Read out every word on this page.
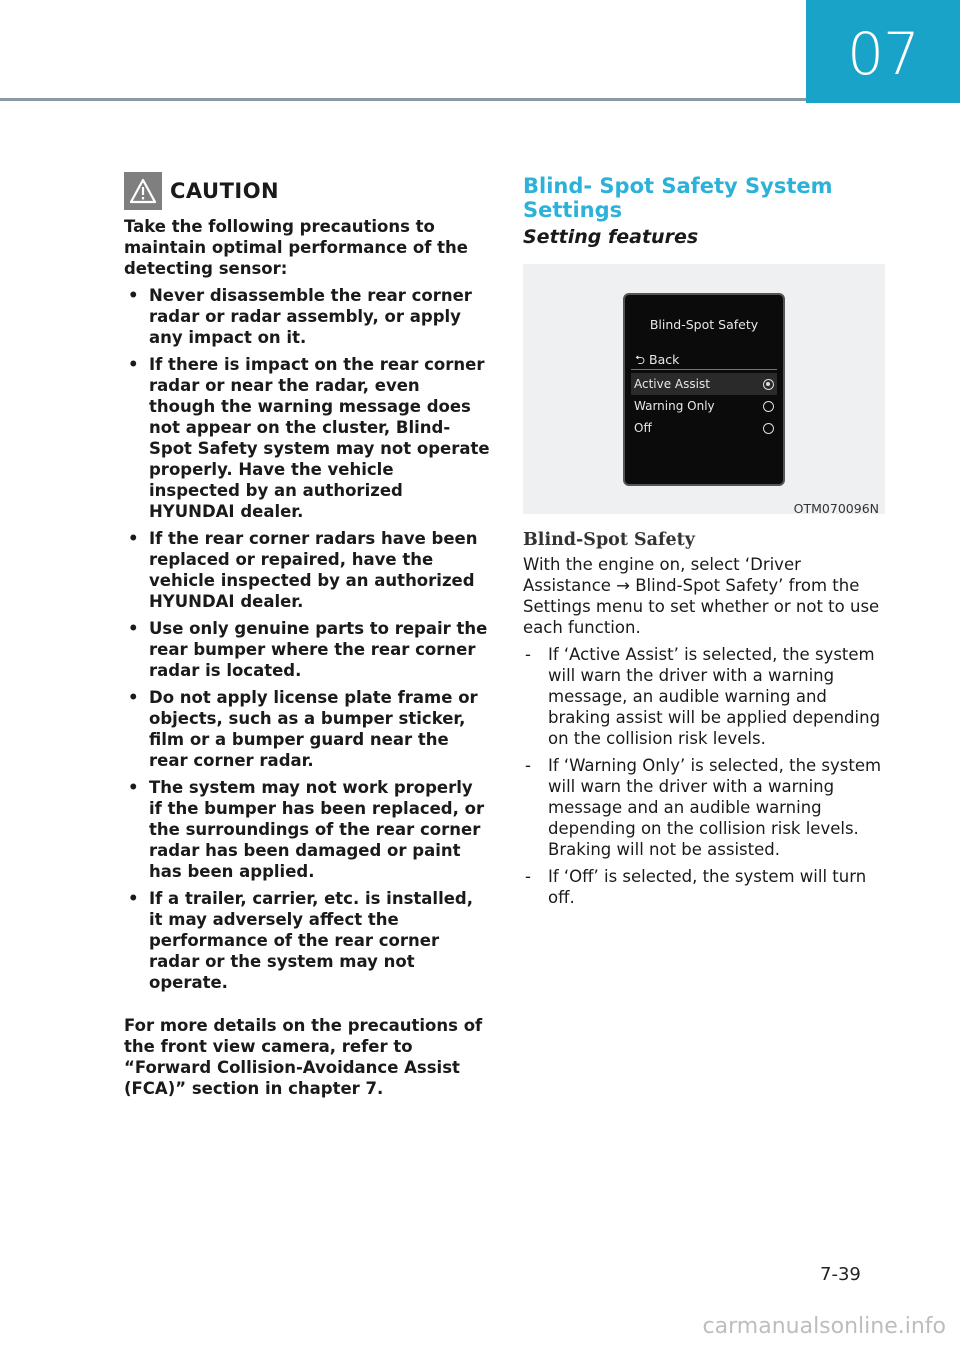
07
CAUTION

Take the following precautions to maintain optimal performance of the detecting sensor:

• Never disassemble the rear corner radar or radar assembly, or apply any impact on it.
• If there is impact on the rear corner radar or near the radar, even though the warning message does not appear on the cluster, Blind-Spot Safety system may not operate properly. Have the vehicle inspected by an authorized HYUNDAI dealer.
• If the rear corner radars have been replaced or repaired, have the vehicle inspected by an authorized HYUNDAI dealer.
• Use only genuine parts to repair the rear bumper where the rear corner radar is located.
• Do not apply license plate frame or objects, such as a bumper sticker, film or a bumper guard near the rear corner radar.
• The system may not work properly if the bumper has been replaced, or the surroundings of the rear corner radar has been damaged or paint has been applied.
• If a trailer, carrier, etc. is installed, it may adversely affect the performance of the rear corner radar or the system may not operate.

For more details on the precautions of the front view camera, refer to “Forward Collision-Avoidance Assist (FCA)” section in chapter 7.

Blind- Spot Safety System Settings
Setting features
Blind-Spot Safety
⮌ Back
Active Assist
Warning Only
Off
OTM070096N
Blind-Spot Safety

With the engine on, select ‘Driver Assistance → Blind-Spot Safety’ from the Settings menu to set whether or not to use each function.

- If ‘Active Assist’ is selected, the system will warn the driver with a warning message, an audible warning and braking assist will be applied depending on the collision risk levels.
- If ‘Warning Only’ is selected, the system will warn the driver with a warning message and an audible warning depending on the collision risk levels. Braking will not be assisted.
- If ‘Off’ is selected, the system will turn off.
7-39
carmanualsonline.info
